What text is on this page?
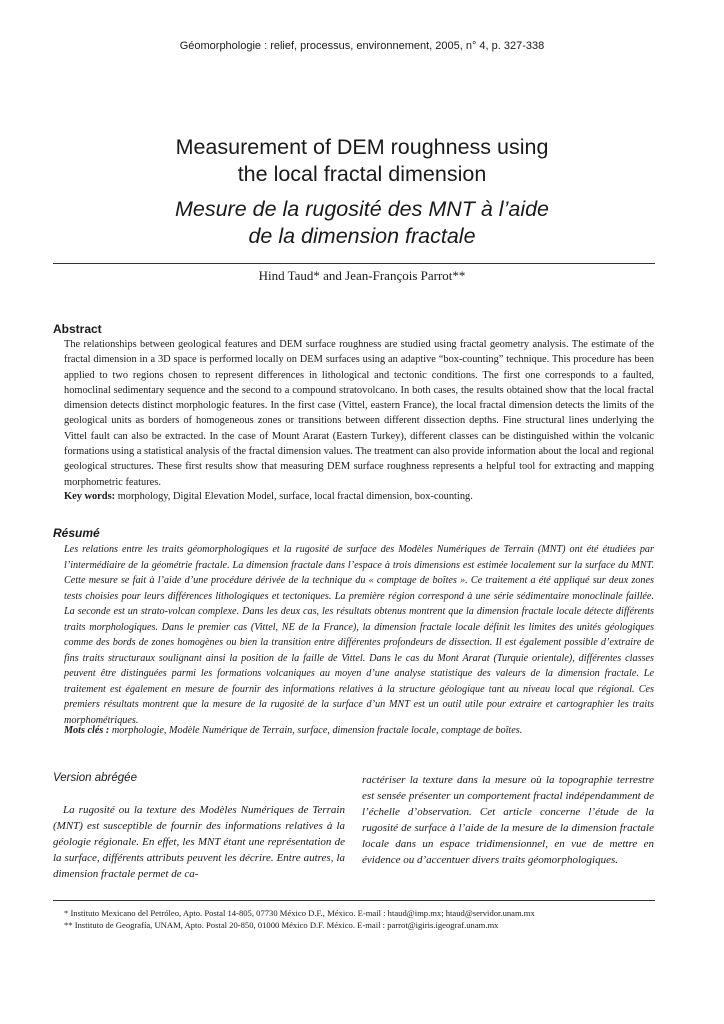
Géomorphologie : relief, processus, environnement, 2005, n° 4, p. 327-338
Measurement of DEM roughness using
the local fractal dimension
Mesure de la rugosité des MNT à l’aide
de la dimension fractale
Hind Taud* and Jean-François Parrot**
Abstract

The relationships between geological features and DEM surface roughness are studied using fractal geometry analysis. The estimate of the fractal dimension in a 3D space is performed locally on DEM surfaces using an adaptive “box-counting” technique. This procedure has been applied to two regions chosen to represent differences in lithological and tectonic conditions. The first one corresponds to a faulted, homoclinal sedimentary sequence and the second to a compound stratovolcano. In both cases, the results obtained show that the local fractal dimension detects distinct morphologic features. In the first case (Vittel, eastern France), the local fractal dimension detects the limits of the geological units as borders of homogeneous zones or transitions between different dissection depths. Fine structural lines underlying the Vittel fault can also be extracted. In the case of Mount Ararat (Eastern Turkey), different classes can be distinguished within the volcanic formations using a statistical analysis of the fractal dimension values. The treatment can also provide information about the local and regional geological structures. These first results show that measuring DEM surface roughness represents a helpful tool for extracting and mapping morphometric features.

Key words: morphology, Digital Elevation Model, surface, local fractal dimension, box-counting.
Résumé

Les relations entre les traits géomorphologiques et la rugosité de surface des Modèles Numériques de Terrain (MNT) ont été étudiées par l’intermédiaire de la géométrie fractale. La dimension fractale dans l’espace à trois dimensions est estimée localement sur la surface du MNT. Cette mesure se fait à l’aide d’une procédure dérivée de la technique du « comptage de boîtes ». Ce traitement a été appliqué sur deux zones tests choisies pour leurs différences lithologiques et tectoniques. La première région correspond à une série sédimentaire monoclinale faillée. La seconde est un strato-volcan complexe. Dans les deux cas, les résultats obtenus montrent que la dimension fractale locale détecte différents traits morphologiques. Dans le premier cas (Vittel, NE de la France), la dimension fractale locale définit les limites des unités géologiques comme des bords de zones homogènes ou bien la transition entre différentes profondeurs de dissection. Il est également possible d’extraire de fins traits structuraux soulignant ainsi la position de la faille de Vittel. Dans le cas du Mont Ararat (Turquie orientale), différentes classes peuvent être distinguées parmi les formations volcaniques au moyen d’une analyse statistique des valeurs de la dimension fractale. Le traitement est également en mesure de fournir des informations relatives à la structure géologique tant au niveau local que régional. Ces premiers résultats montrent que la mesure de la rugosité de la surface d’un MNT est un outil utile pour extraire et cartographier les traits morphométriques.

Mots clés : morphologie, Modèle Numérique de Terrain, surface, dimension fractale locale, comptage de boîtes.
Version abrégée

La rugosité ou la texture des Modèles Numériques de Terrain (MNT) est susceptible de fournir des informations relatives à la géologie régionale. En effet, les MNT étant une représentation de la surface, différents attributs peuvent les décrire. Entre autres, la dimension fractale permet de ca-

ractériser la texture dans la mesure où la topographie terrestre est sensée présenter un comportement fractal indépendamment de l’échelle d’observation. Cet article concerne l’étude de la rugosité de surface à l’aide de la mesure de la dimension fractale locale dans un espace tridimensionnel, en vue de mettre en évidence ou d’accentuer divers traits géomorphologiques.

* Instituto Mexicano del Petróleo, Apto. Postal 14-805, 07730 México D.F., México. E-mail : htaud@imp.mx; htaud@servidor.unam.mx
** Instituto de Geografía, UNAM, Apto. Postal 20-850, 01000 México D.F. México. E-mail : parrot@igiris.igeograf.unam.mx
